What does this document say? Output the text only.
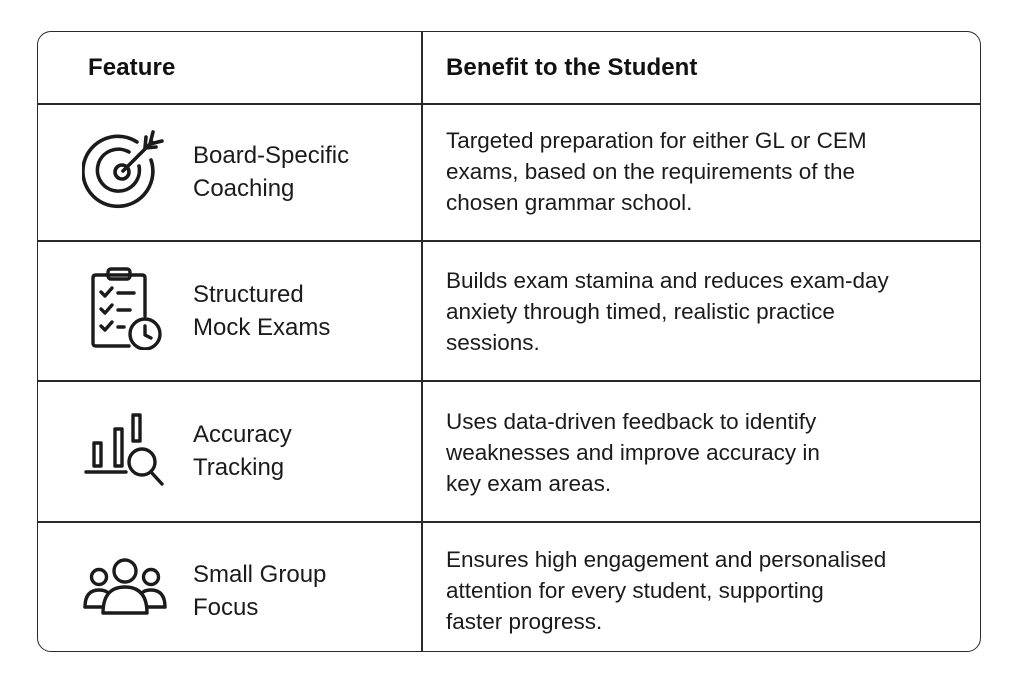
Feature	Benefit to the Student
Board-Specific
Coaching
Targeted preparation for either GL or CEM
exams, based on the requirements of the
chosen grammar school.
Structured
Mock Exams
Builds exam stamina and reduces exam-day
anxiety through timed, realistic practice
sessions.
Accuracy
Tracking
Uses data-driven feedback to identify
weaknesses and improve accuracy in
key exam areas.
Small Group
Focus
Ensures high engagement and personalised
attention for every student, supporting
faster progress.
